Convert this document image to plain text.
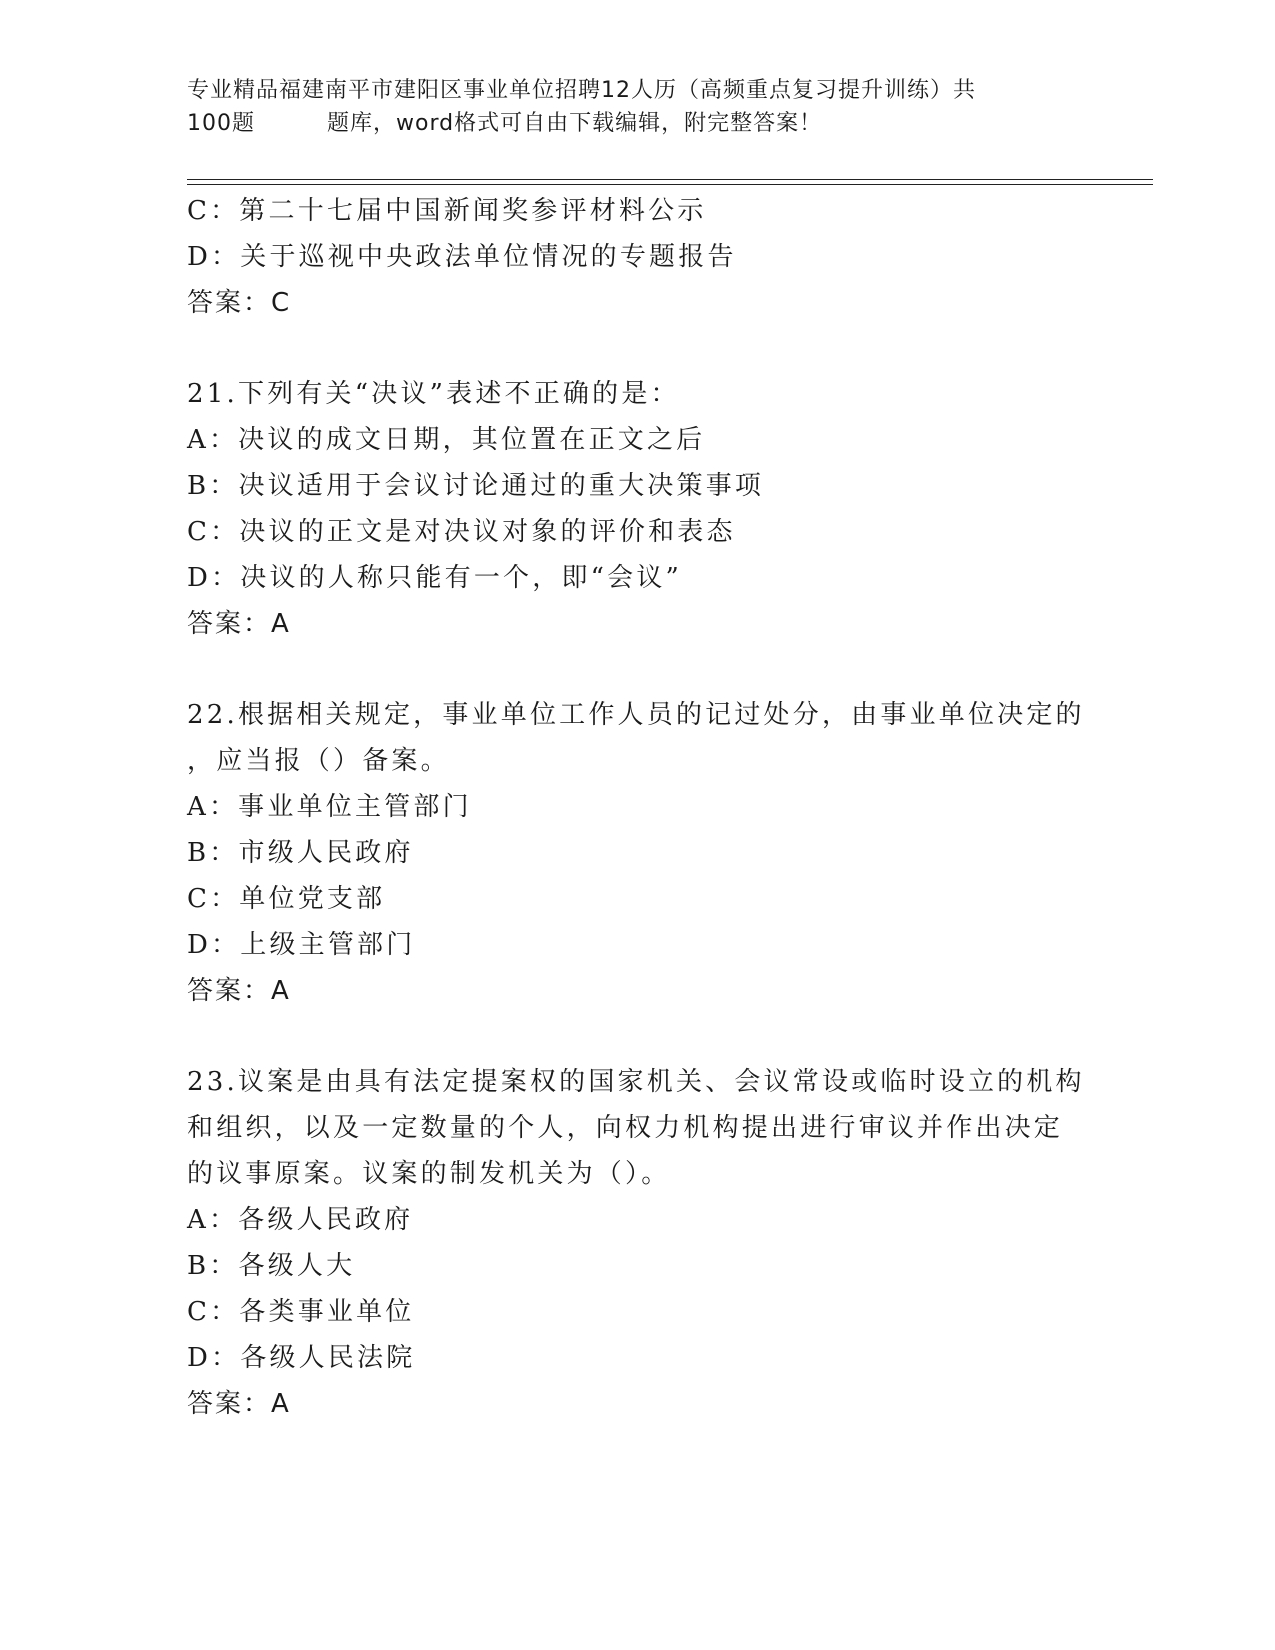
专业精品福建南平市建阳区事业单位招聘12人历（高频重点复习提升训练）共
100题	题库，word格式可自由下载编辑，附完整答案！
C：第二十七届中国新闻奖参评材料公示
D：关于巡视中央政法单位情况的专题报告
答案：C
21.下列有关“决议”表述不正确的是：
A：决议的成文日期，其位置在正文之后
B：决议适用于会议讨论通过的重大决策事项
C：决议的正文是对决议对象的评价和表态
D：决议的人称只能有一个，即“会议”
答案：A
22.根据相关规定，事业单位工作人员的记过处分，由事业单位决定的
，应当报（）备案。
A：事业单位主管部门
B：市级人民政府
C：单位党支部
D：上级主管部门
答案：A
23.议案是由具有法定提案权的国家机关、会议常设或临时设立的机构
和组织，以及一定数量的个人，向权力机构提出进行审议并作出决定
的议事原案。议案的制发机关为（）。
A：各级人民政府
B：各级人大
C：各类事业单位
D：各级人民法院
答案：A
